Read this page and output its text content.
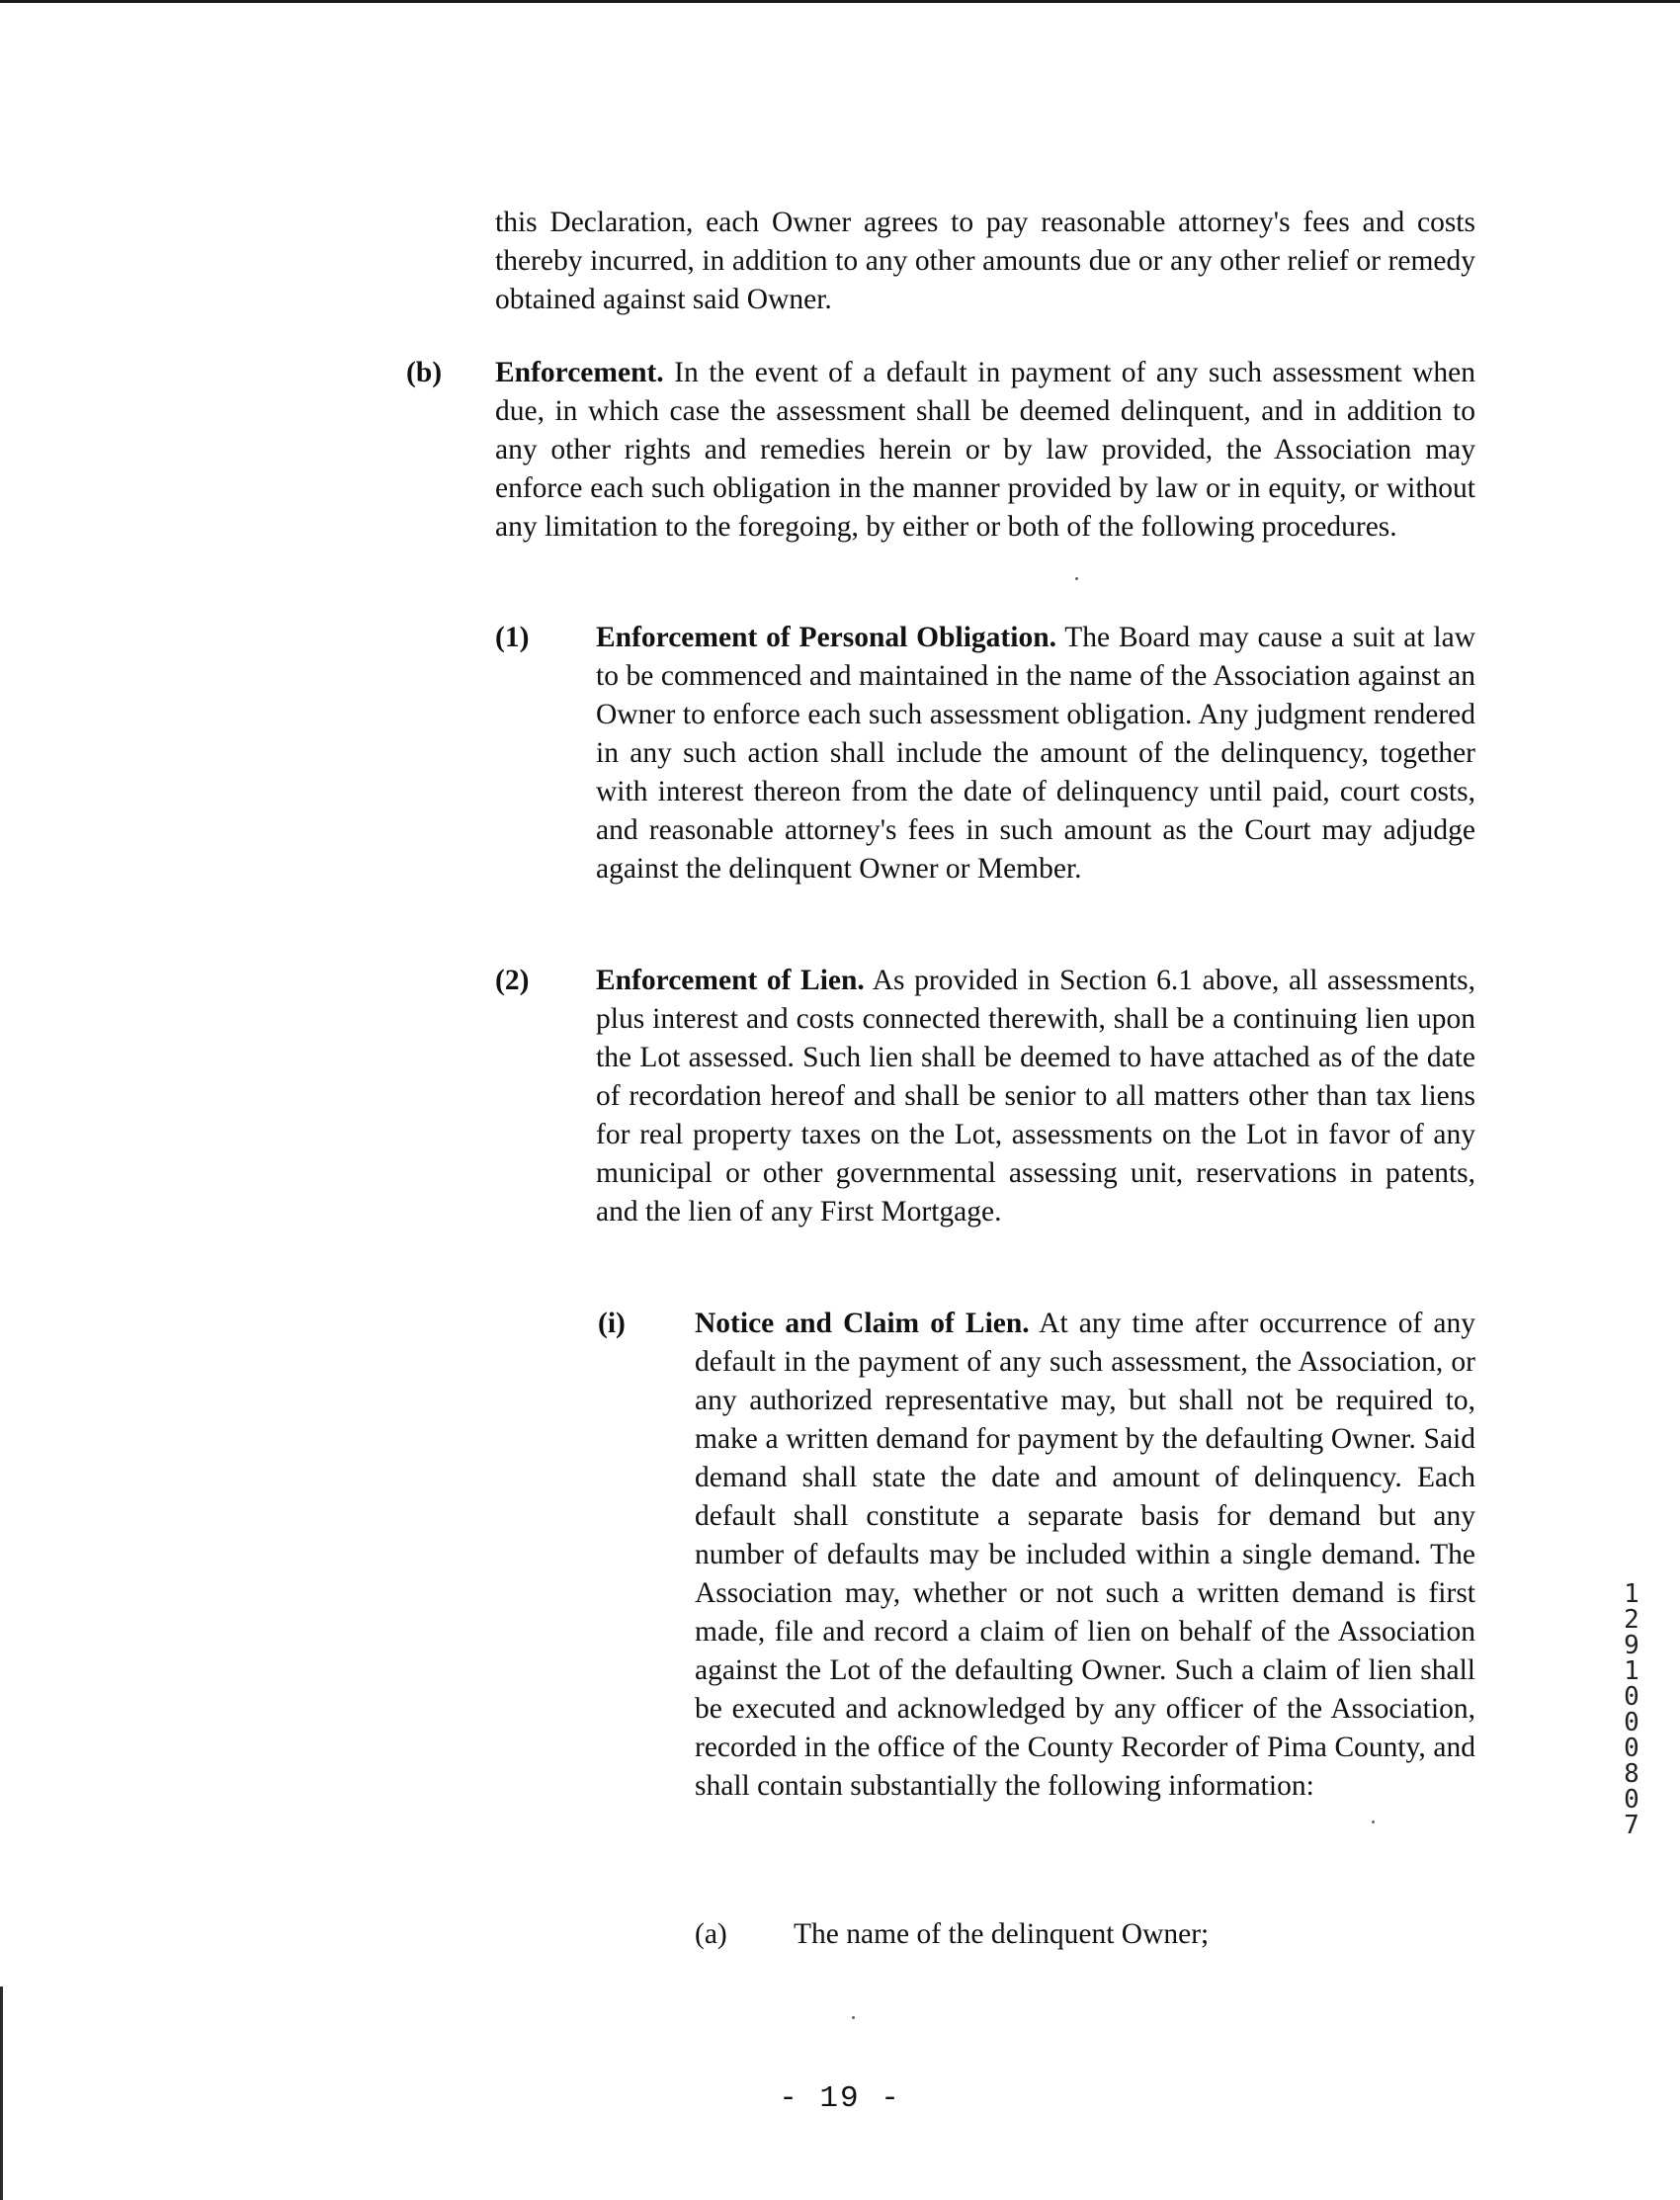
this Declaration, each Owner agrees to pay reasonable attorney's fees and costs thereby incurred, in addition to any other amounts due or any other relief or remedy obtained against said Owner.

(b) Enforcement. In the event of a default in payment of any such assessment when due, in which case the assessment shall be deemed delinquent, and in addition to any other rights and remedies herein or by law provided, the Association may enforce each such obligation in the manner provided by law or in equity, or without any limitation to the foregoing, by either or both of the following procedures.

(1) Enforcement of Personal Obligation. The Board may cause a suit at law to be commenced and maintained in the name of the Association against an Owner to enforce each such assessment obligation. Any judgment rendered in any such action shall include the amount of the delinquency, together with interest thereon from the date of delinquency until paid, court costs, and reasonable attorney's fees in such amount as the Court may adjudge against the delinquent Owner or Member.

(2) Enforcement of Lien. As provided in Section 6.1 above, all assessments, plus interest and costs connected therewith, shall be a continuing lien upon the Lot assessed. Such lien shall be deemed to have attached as of the date of recordation hereof and shall be senior to all matters other than tax liens for real property taxes on the Lot, assessments on the Lot in favor of any municipal or other governmental assessing unit, reservations in patents, and the lien of any First Mortgage.

(i) Notice and Claim of Lien. At any time after occurrence of any default in the payment of any such assessment, the Association, or any authorized representative may, but shall not be required to, make a written demand for payment by the defaulting Owner. Said demand shall state the date and amount of delinquency. Each default shall constitute a separate basis for demand but any number of defaults may be included within a single demand. The Association may, whether or not such a written demand is first made, file and record a claim of lien on behalf of the Association against the Lot of the defaulting Owner. Such a claim of lien shall be executed and acknowledged by any officer of the Association, recorded in the office of the County Recorder of Pima County, and shall contain substantially the following information:

(a) The name of the delinquent Owner;

12910 00807
- 19 -
